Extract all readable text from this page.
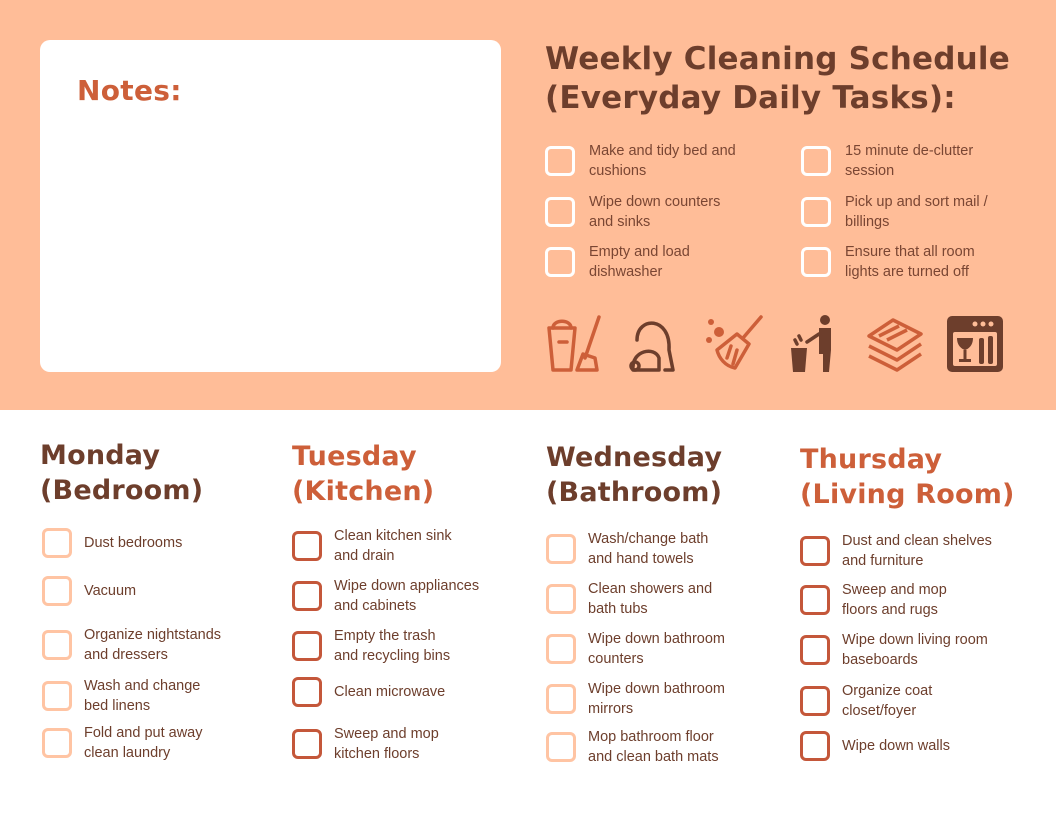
Notes:
Weekly Cleaning Schedule
(Everyday Daily Tasks):
Make and tidy bed and
cushions
15 minute de-clutter
session
Wipe down counters
and sinks
Pick up and sort mail /
billings
Empty and load
dishwasher
Ensure that all room
lights are turned off
Monday
(Bedroom)
Dust bedrooms
Vacuum
Organize nightstands
and dressers
Wash and change
bed linens
Fold and put away
clean laundry
Tuesday
(Kitchen)
Clean kitchen sink
and drain
Wipe down appliances
and cabinets
Empty the trash
and recycling bins
Clean microwave
Sweep and mop
kitchen floors
Wednesday
(Bathroom)
Wash/change bath
and hand towels
Clean showers and
bath tubs
Wipe down bathroom
counters
Wipe down bathroom
mirrors
Mop bathroom floor
and clean bath mats
Thursday
(Living Room)
Dust and clean shelves
and furniture
Sweep and mop
floors and rugs
Wipe down living room
baseboards
Organize coat
closet/foyer
Wipe down walls
